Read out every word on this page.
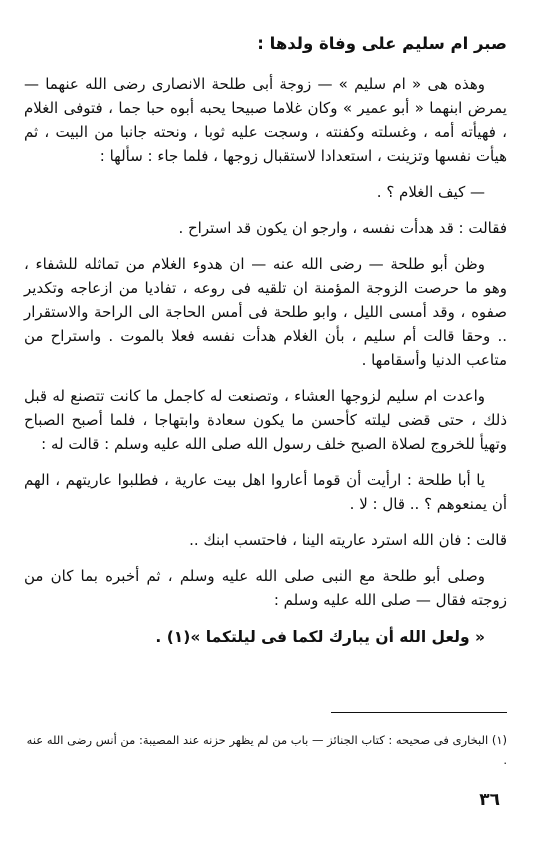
صبر ام سليم على وفاة ولدها :

وهذه هى « ام سليم » — زوجة أبى طلحة الانصارى رضى الله عنهما — يمرض ابنهما « أبو عمير » وكان غلاما صبيحا يحبه أبوه حبا جما ، فتوفى الغلام ، فهيأته أمه ، وغسلته وكفنته ، وسجت عليه ثوبا ، ونحته جانبا من البيت ، ثم هيأت نفسها وتزينت ، استعدادا لاستقبال زوجها ، فلما جاء : سألها :

— كيف الغلام ؟ .
فقالت : قد هدأت نفسه ، وارجو ان يكون قد استراح .

وظن أبو طلحة — رضى الله عنه — ان هدوء الغلام من تماثله للشفاء ، وهو ما حرصت الزوجة المؤمنة ان تلقيه فى روعه ، تفاديا من ازعاجه وتكدير صفوه ، وقد أمسى الليل ، وابو طلحة فى أمس الحاجة الى الراحة والاستقرار .. وحقا قالت أم سليم ، بأن الغلام هدأت نفسه فعلا بالموت . واستراح من متاعب الدنيا وأسقامها .

واعدت ام سليم لزوجها العشاء ، وتصنعت له كاجمل ما كانت تتصنع له قبل ذلك ، حتى قضى ليلته كأحسن ما يكون سعادة وابتهاجا ، فلما أصبح الصباح وتهيأ للخروج لصلاة الصبح خلف رسول الله صلى الله عليه وسلم : قالت له :

يا أبا طلحة : ارأيت أن قوما أعاروا اهل بيت عارية ، فطلبوا عاريتهم ، الهم أن يمنعوهم ؟ .. قال : لا .

قالت : فان الله استرد عاريته الينا ، فاحتسب ابنك ..

وصلى أبو طلحة مع النبى صلى الله عليه وسلم ، ثم أخبره بما كان من زوجته فقال — صلى الله عليه وسلم :

« ولعل الله أن يبارك لكما فى ليلتكما »(١) .
(١) البخارى فى صحيحه : كتاب الجنائز — باب من لم يظهر حزنه عند المصيبة: من أنس رضى الله عنه .
٣٦
